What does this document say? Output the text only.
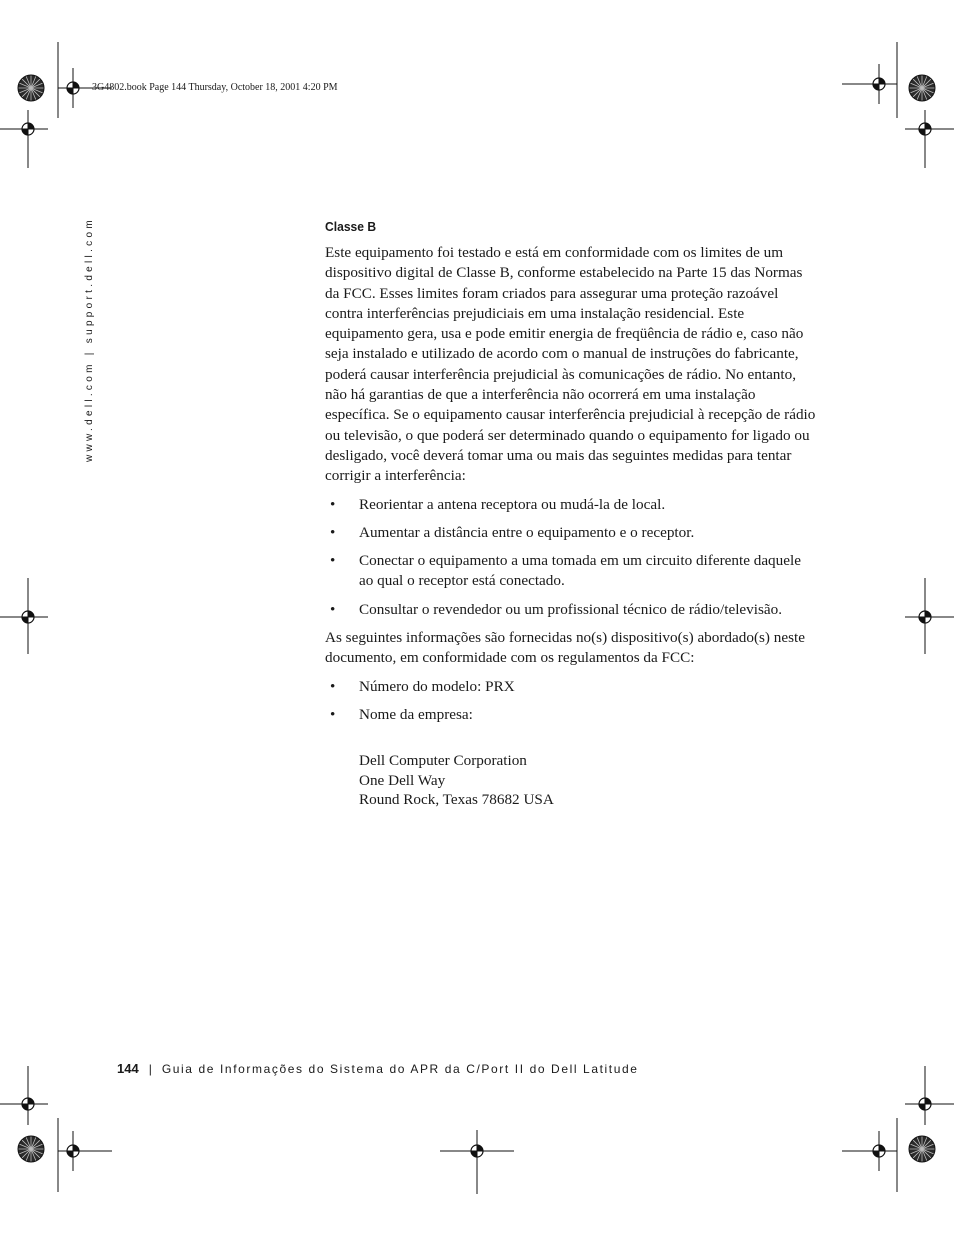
3G4802.book Page 144 Thursday, October 18, 2001 4:20 PM
www.dell.com | support.dell.com	Classe B

Este equipamento foi testado e está em conformidade com os limites de um dispositivo digital de Classe B, conforme estabelecido na Parte 15 das Normas da FCC. Esses limites foram criados para assegurar uma proteção razoável contra interferências prejudiciais em uma instalação residencial. Este equipamento gera, usa e pode emitir energia de freqüência de rádio e, caso não seja instalado e utilizado de acordo com o manual de instruções do fabricante, poderá causar interferência prejudicial às comunicações de rádio. No entanto, não há garantias de que a interferência não ocorrerá em uma instalação específica. Se o equipamento causar interferência prejudicial à recepção de rádio ou televisão, o que poderá ser determinado quando o equipamento for ligado ou desligado, você deverá tomar uma ou mais das seguintes medidas para tentar corrigir a interferência:

• Reorientar a antena receptora ou mudá-la de local.
• Aumentar a distância entre o equipamento e o receptor.
• Conectar o equipamento a uma tomada em um circuito diferente daquele ao qual o receptor está conectado.
• Consultar o revendedor ou um profissional técnico de rádio/televisão.

As seguintes informações são fornecidas no(s) dispositivo(s) abordado(s) neste documento, em conformidade com os regulamentos da FCC:

• Número do modelo: PRX
• Nome da empresa:
Dell Computer Corporation
One Dell Way
Round Rock, Texas 78682 USA
144 | Guia de Informações do Sistema do APR da C/Port II do Dell Latitude
